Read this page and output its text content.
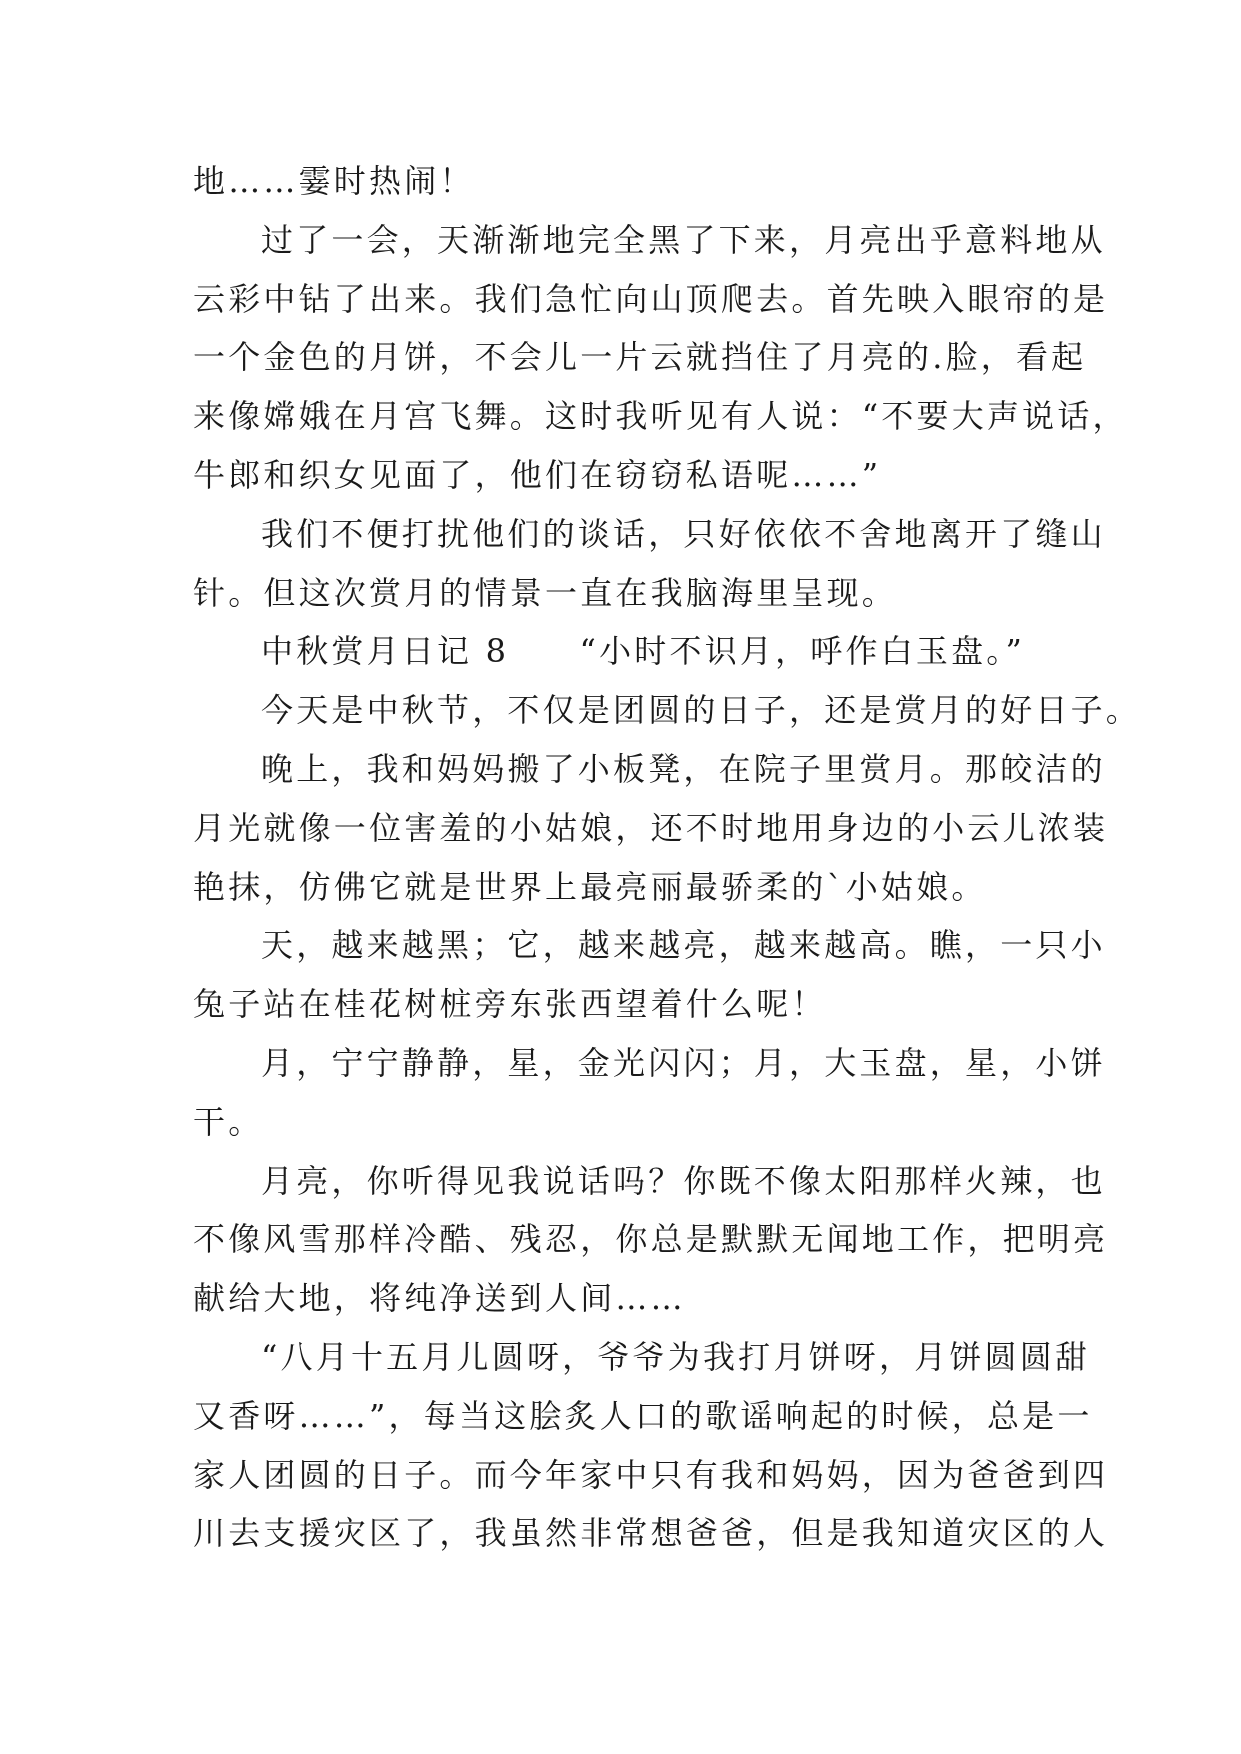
地……霎时热闹！
过了一会，天渐渐地完全黑了下来，月亮出乎意料地从
云彩中钻了出来。我们急忙向山顶爬去。首先映入眼帘的是
一个金色的月饼，不会儿一片云就挡住了月亮的.脸，看起
来像嫦娥在月宫飞舞。这时我听见有人说：“不要大声说话，
牛郎和织女见面了，他们在窃窃私语呢……”
我们不便打扰他们的谈话，只好依依不舍地离开了缝山
针。但这次赏月的情景一直在我脑海里呈现。
中秋赏月日记 8　　“小时不识月，呼作白玉盘。”
今天是中秋节，不仅是团圆的日子，还是赏月的好日子。
晚上，我和妈妈搬了小板凳，在院子里赏月。那皎洁的
月光就像一位害羞的小姑娘，还不时地用身边的小云儿浓装
艳抹，仿佛它就是世界上最亮丽最骄柔的`小姑娘。
天，越来越黑；它，越来越亮，越来越高。瞧，一只小
兔子站在桂花树桩旁东张西望着什么呢！
月，宁宁静静，星，金光闪闪；月，大玉盘，星，小饼
干。
月亮，你听得见我说话吗？你既不像太阳那样火辣，也
不像风雪那样冷酷、残忍，你总是默默无闻地工作，把明亮
献给大地，将纯净送到人间……
“八月十五月儿圆呀，爷爷为我打月饼呀，月饼圆圆甜
又香呀……”，每当这脍炙人口的歌谣响起的时候，总是一
家人团圆的日子。而今年家中只有我和妈妈，因为爸爸到四
川去支援灾区了，我虽然非常想爸爸，但是我知道灾区的人
